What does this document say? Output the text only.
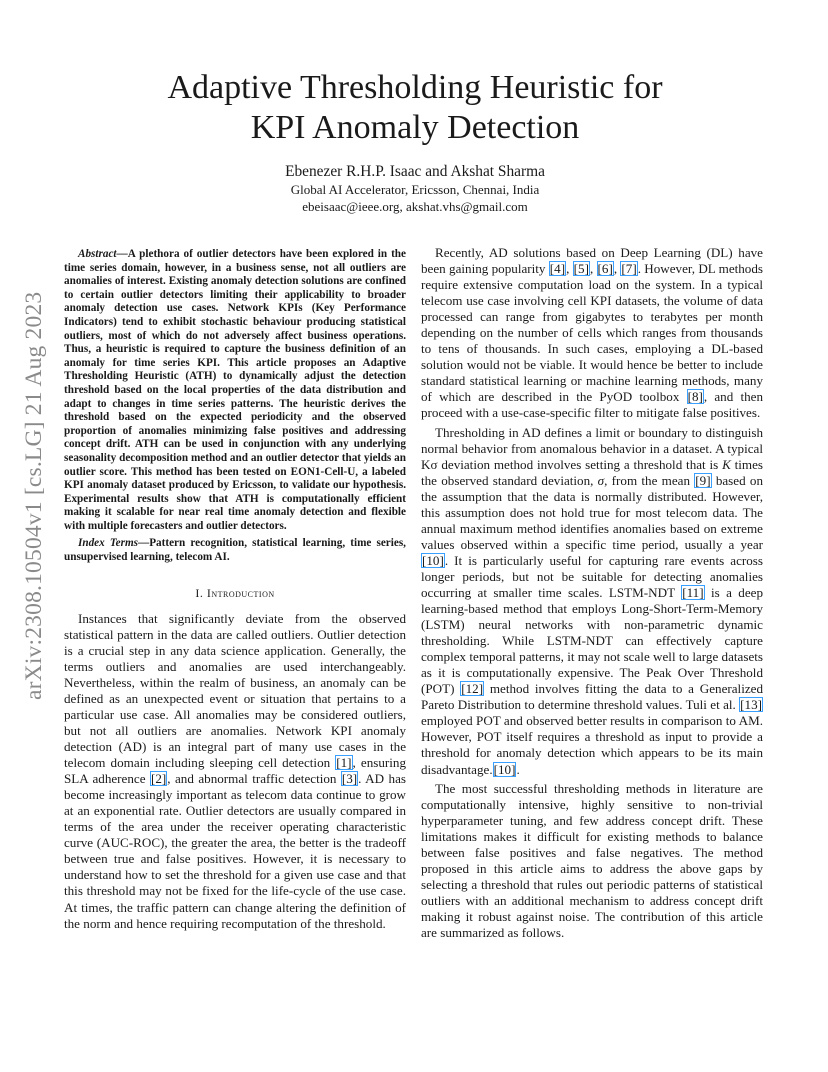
arXiv:2308.10504v1 [cs.LG] 21 Aug 2023
Adaptive Thresholding Heuristic for
KPI Anomaly Detection
Ebenezer R.H.P. Isaac and Akshat Sharma
Global AI Accelerator, Ericsson, Chennai, India
ebeisaac@ieee.org, akshat.vhs@gmail.com

Abstract—A plethora of outlier detectors have been explored in the time series domain, however, in a business sense, not all outliers are anomalies of interest. Existing anomaly detection solutions are confined to certain outlier detectors limiting their applicability to broader anomaly detection use cases. Network KPIs (Key Performance Indicators) tend to exhibit stochastic behaviour producing statistical outliers, most of which do not adversely affect business operations. Thus, a heuristic is required to capture the business definition of an anomaly for time series KPI. This article proposes an Adaptive Thresholding Heuristic (ATH) to dynamically adjust the detection threshold based on the local properties of the data distribution and adapt to changes in time series patterns. The heuristic derives the threshold based on the expected periodicity and the observed proportion of anomalies minimizing false positives and addressing concept drift. ATH can be used in conjunction with any underlying seasonality decomposition method and an outlier detector that yields an outlier score. This method has been tested on EON1-Cell-U, a labeled KPI anomaly dataset produced by Ericsson, to validate our hypothesis. Experimental results show that ATH is computationally efficient making it scalable for near real time anomaly detection and flexible with multiple forecasters and outlier detectors.

Index Terms—Pattern recognition, statistical learning, time series, unsupervised learning, telecom AI.

I. Introduction

Instances that significantly deviate from the observed statistical pattern in the data are called outliers. Outlier detection is a crucial step in any data science application. Generally, the terms outliers and anomalies are used interchangeably. Nevertheless, within the realm of business, an anomaly can be defined as an unexpected event or situation that pertains to a particular use case. All anomalies may be considered outliers, but not all outliers are anomalies. Network KPI anomaly detection (AD) is an integral part of many use cases in the telecom domain including sleeping cell detection [1], ensuring SLA adherence [2], and abnormal traffic detection [3]. AD has become increasingly important as telecom data continue to grow at an exponential rate. Outlier detectors are usually compared in terms of the area under the receiver operating characteristic curve (AUC-ROC), the greater the area, the better is the tradeoff between true and false positives. However, it is necessary to understand how to set the threshold for a given use case and that this threshold may not be fixed for the life-cycle of the use case. At times, the traffic pattern can change altering the definition of the norm and hence requiring recomputation of the threshold.

Recently, AD solutions based on Deep Learning (DL) have been gaining popularity [4], [5], [6], [7]. However, DL methods require extensive computation load on the system. In a typical telecom use case involving cell KPI datasets, the volume of data processed can range from gigabytes to terabytes per month depending on the number of cells which ranges from thousands to tens of thousands. In such cases, employing a DL-based solution would not be viable. It would hence be better to include standard statistical learning or machine learning methods, many of which are described in the PyOD toolbox [8], and then proceed with a use-case-specific filter to mitigate false positives.

Thresholding in AD defines a limit or boundary to distinguish normal behavior from anomalous behavior in a dataset. A typical Kσ deviation method involves setting a threshold that is K times the observed standard deviation, σ, from the mean [9] based on the assumption that the data is normally distributed. However, this assumption does not hold true for most telecom data. The annual maximum method identifies anomalies based on extreme values observed within a specific time period, usually a year [10]. It is particularly useful for capturing rare events across longer periods, but not be suitable for detecting anomalies occurring at smaller time scales. LSTM-NDT [11] is a deep learning-based method that employs Long-Short-Term-Memory (LSTM) neural networks with non-parametric dynamic thresholding. While LSTM-NDT can effectively capture complex temporal patterns, it may not scale well to large datasets as it is computationally expensive. The Peak Over Threshold (POT) [12] method involves fitting the data to a Generalized Pareto Distribution to determine threshold values. Tuli et al. [13] employed POT and observed better results in comparison to AM. However, POT itself requires a threshold as input to provide a threshold for anomaly detection which appears to be its main disadvantage.[10].

The most successful thresholding methods in literature are computationally intensive, highly sensitive to non-trivial hyperparameter tuning, and few address concept drift. These limitations makes it difficult for existing methods to balance between false positives and false negatives. The method proposed in this article aims to address the above gaps by selecting a threshold that rules out periodic patterns of statistical outliers with an additional mechanism to address concept drift making it robust against noise. The contribution of this article are summarized as follows.
